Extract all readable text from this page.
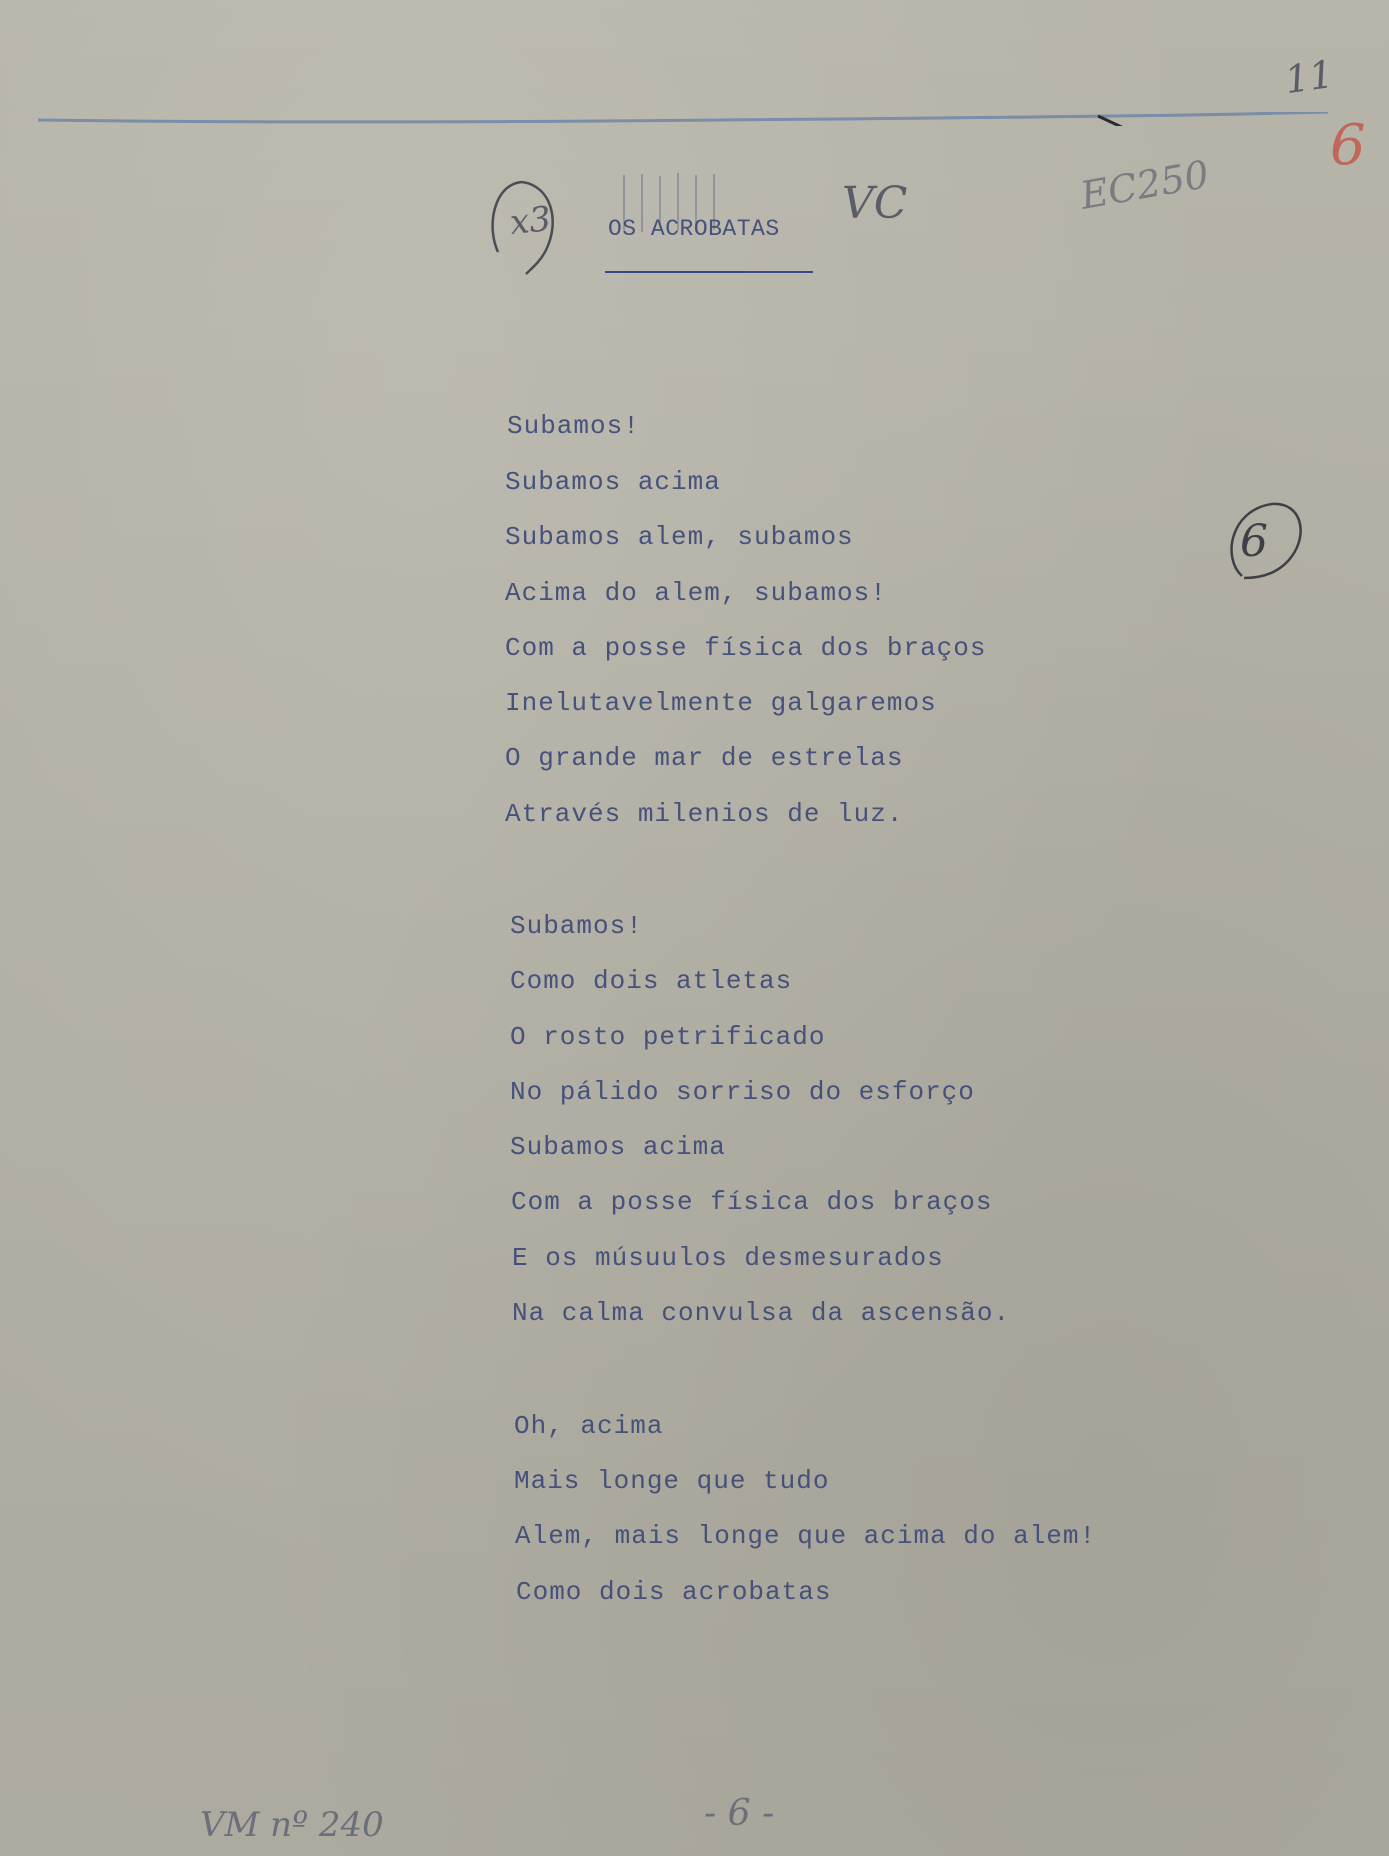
x3 OS ACROBATAS VC	EC250
11
6
6
Subamos!
Subamos acima
Subamos alem, subamos
Acima do alem, subamos!
Com a posse física dos braços
Inelutavelmente galgaremos
O grande mar de estrelas
Através milenios de luz.
Subamos!
Como dois atletas
O rosto petrificado
No pálido sorriso do esforço
Subamos acima
Com a posse física dos braços
E os músuulos desmesurados
Na calma convulsa da ascensão.
Oh, acima
Mais longe que tudo
Alem, mais longe que acima do alem!
Como dois acrobatas
VM nº 240	- 6 -
